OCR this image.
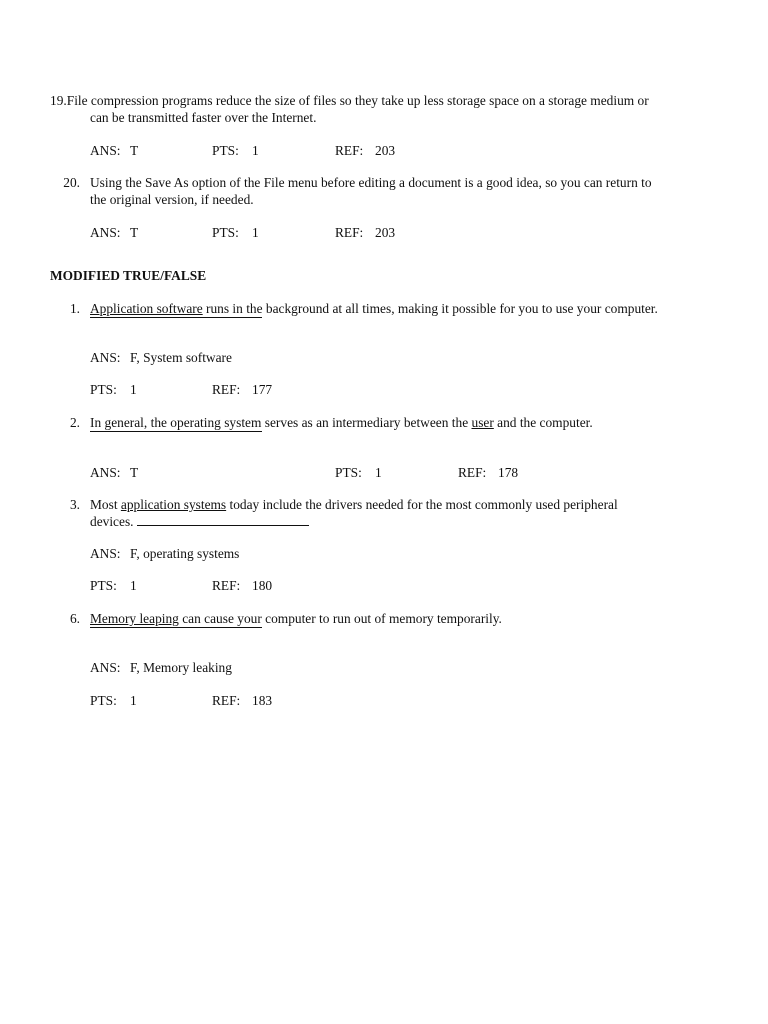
19.File compression programs reduce the size of files so they take up less storage space on a storage medium or
can be transmitted faster over the Internet.
ANS: T	PTS: 1	REF: 203
20. Using the Save As option of the File menu before editing a document is a good idea, so you can return to
the original version, if needed.
ANS: T	PTS: 1	REF: 203
MODIFIED TRUE/FALSE
1. Application software runs in the background at all times, making it possible for you to use your computer.
ANS: F, System software
PTS: 1	REF: 177
2. In general, the operating system serves as an intermediary between the user and the computer.
ANS: T	PTS: 1	REF: 178
3. Most application systems today include the drivers needed for the most commonly used peripheral
devices.
ANS: F, operating systems
PTS: 1	REF: 180
6. Memory leaping can cause your computer to run out of memory temporarily.
ANS: F, Memory leaking
PTS: 1	REF: 183
